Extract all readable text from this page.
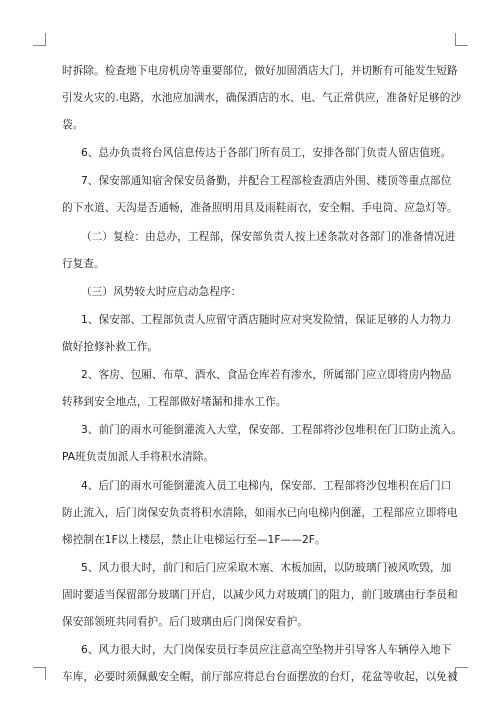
时拆除。检查地下电房机房等重要部位，做好加固酒店大门，并切断有可能发生短路

引发火灾的.电路，水池应加满水，确保酒店的水、电、气正常供应，准备好足够的沙

袋。

6、总办负责将台风信息传达于各部门所有员工，安排各部门负责人留店值班。

7、保安部通知宿舍保安员备勤，并配合工程部检查酒店外围、楼顶等重点部位

的下水道、天沟是否通畅，准备照明用具及雨鞋雨衣，安全帽、手电筒、应急灯等。

（二）复检：由总办，工程部，保安部负责人按上述条款对各部门的准备情况进

行复查。

（三）风势较大时应启动急程序：

1、保安部、工程部负责人应留守酒店随时应对突发险情，保证足够的人力物力

做好抢修补救工作。

2、客房、包厢、布草、酒水、食品仓库若有渗水，所属部门应立即将房内物品

转移到安全地点，工程部做好堵漏和排水工作。

3、前门的雨水可能倒灌流入大堂，保安部、工程部将沙包堆积在门口防止流入。

PA班负责加派人手将积水清除。

4、后门的雨水可能倒灌流入员工电梯内，保安部、工程部将沙包堆积在后门口

防止流入，后门岗保安负责将积水清除，如雨水已向电梯内倒灌，工程部应立即将电

梯控制在1F以上楼层，禁止让电梯运行至—1F——2F。

5、风力很大时，前门和后门应采取木塞、木板加固，以防玻璃门被风吹毁，加

固时要适当保留部分玻璃门开启，以减少风力对玻璃门的阻力，前门玻璃由行李员和

保安部领班共同看护。后门玻璃由后门岗保安看护。

6、风力很大时，大门岗保安员行李员应注意高空坠物并引导客人车辆停入地下

车库，必要时须佩戴安全帽，前厅部应将总台台面摆放的台灯，花盆等收起，以免被
